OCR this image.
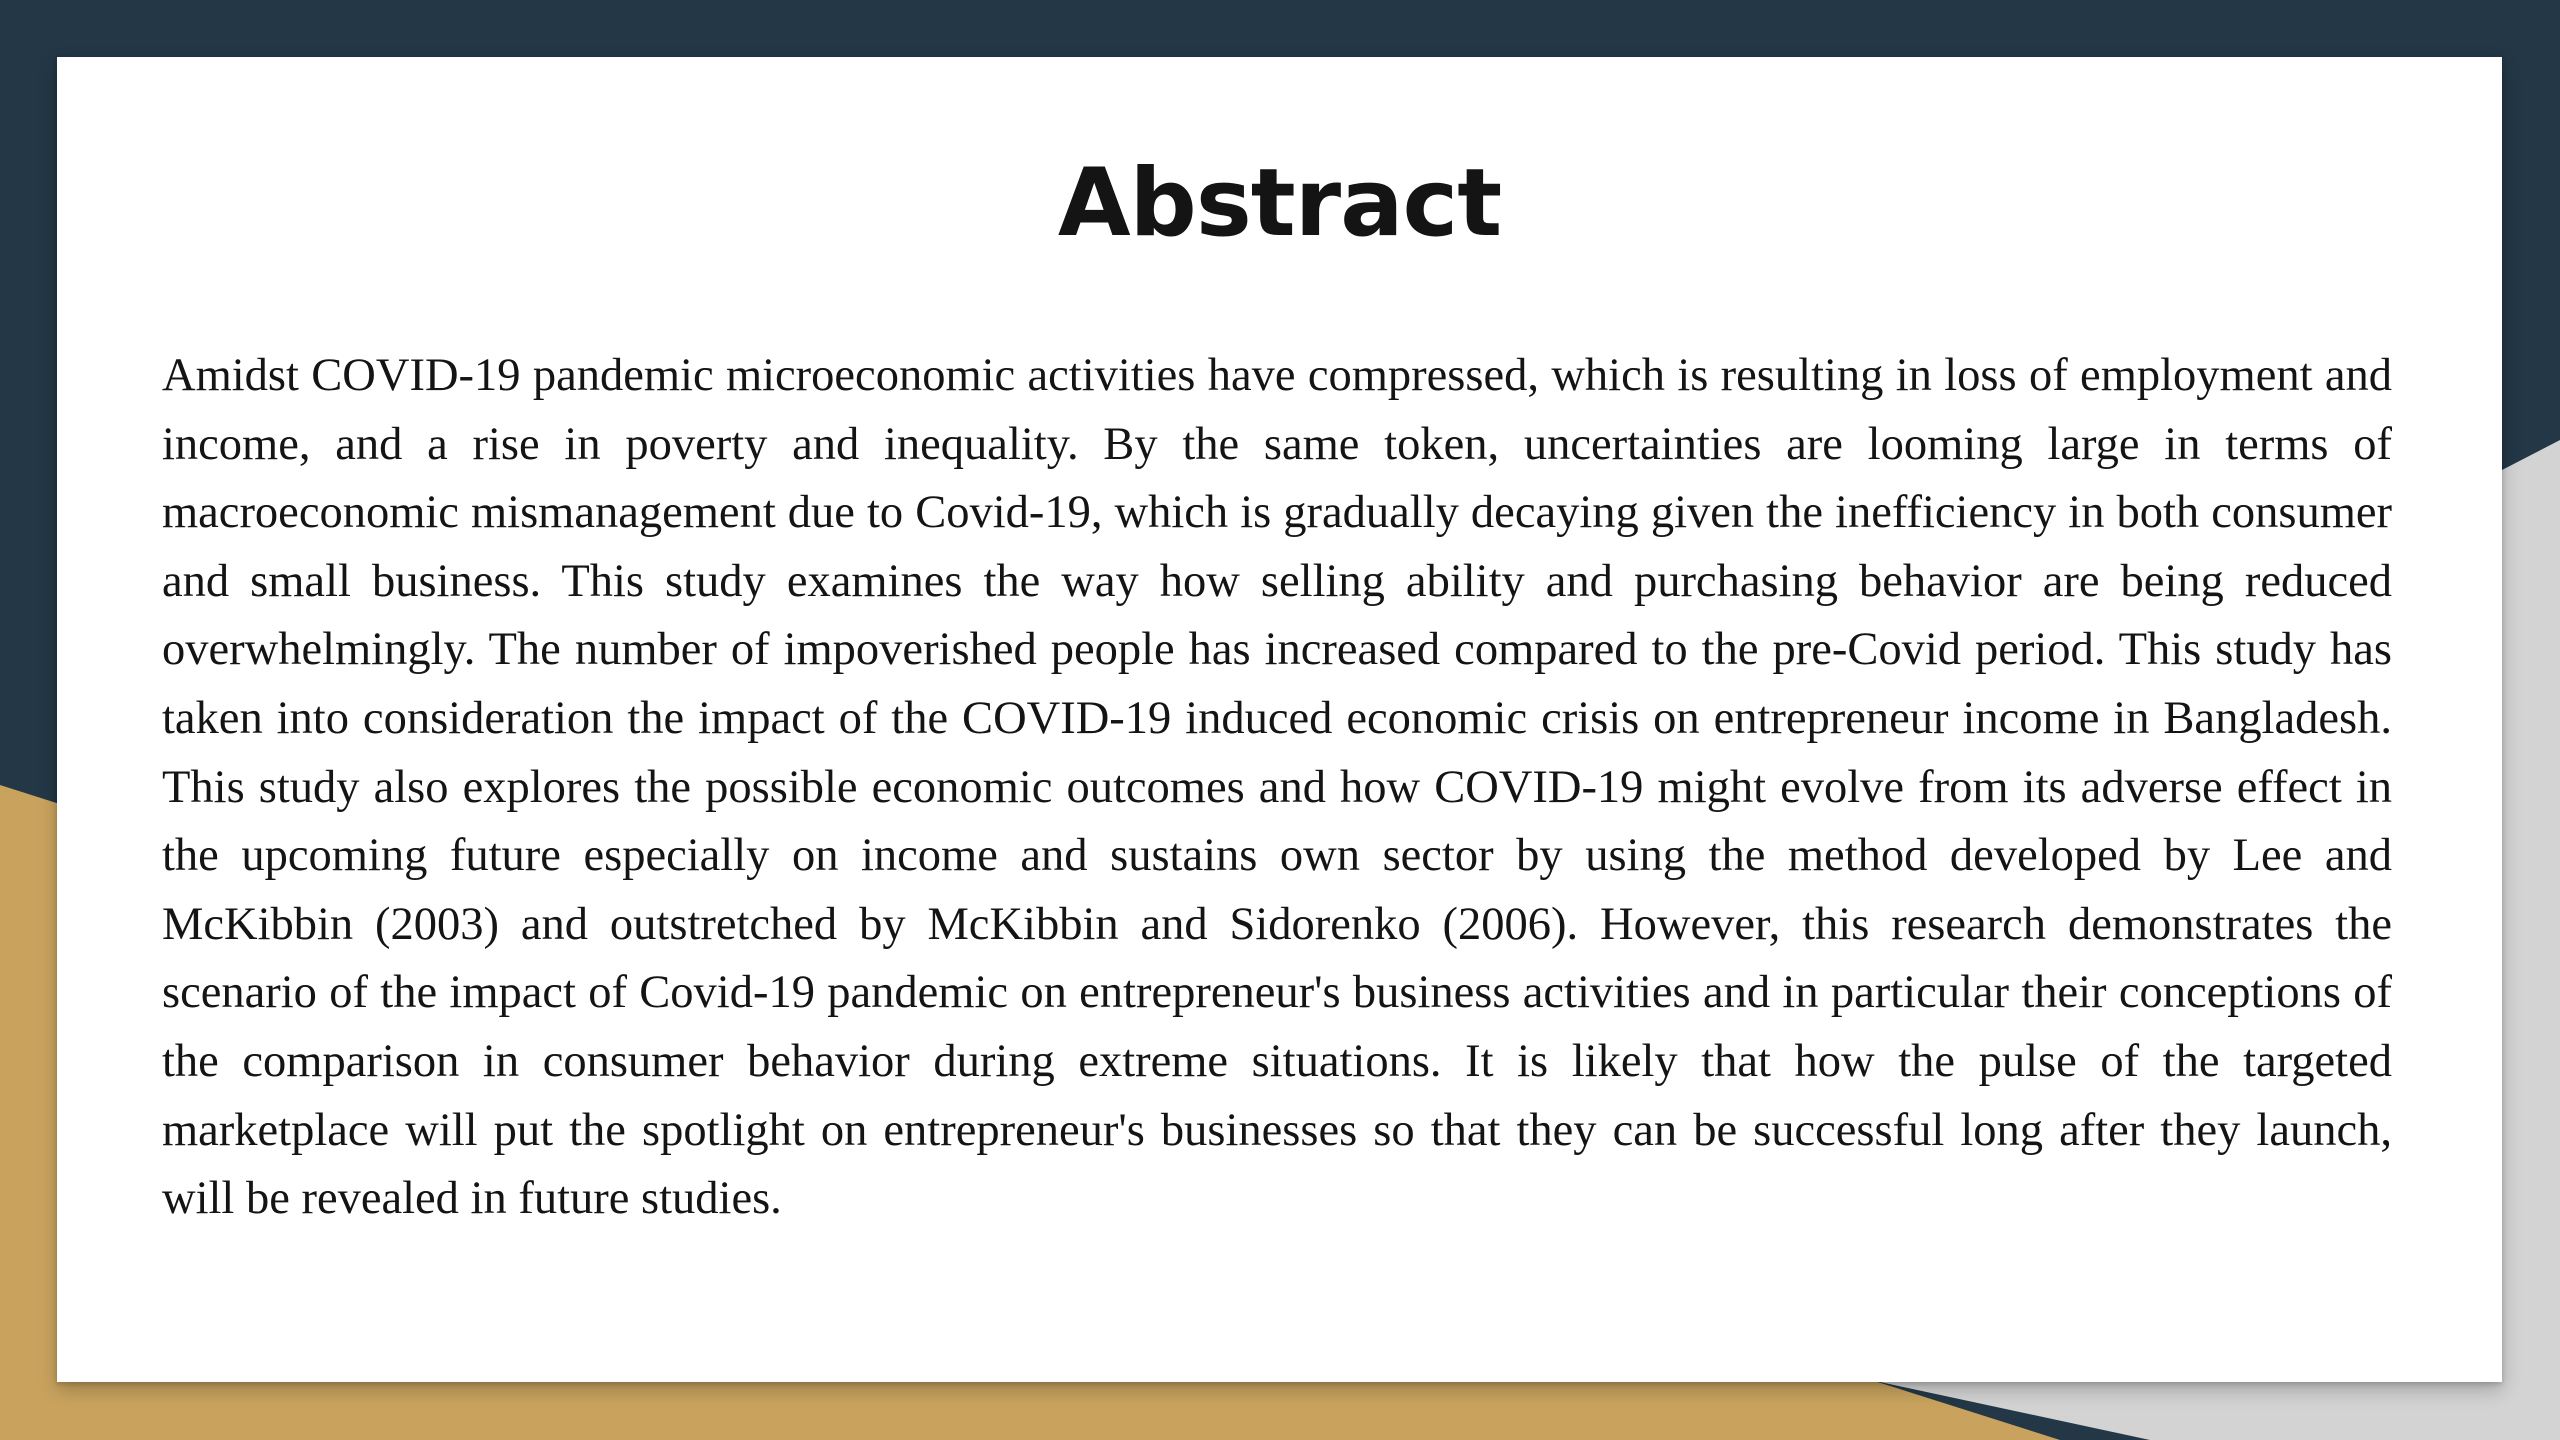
Abstract

Amidst COVID-19 pandemic microeconomic activities have compressed, which is resulting in loss of employment and income, and a rise in poverty and inequality. By the same token, uncertainties are looming large in terms of macroeconomic mismanagement due to Covid-19, which is gradually decaying given the inefficiency in both consumer and small business. This study examines the way how selling ability and purchasing behavior are being reduced overwhelmingly. The number of impoverished people has increased compared to the pre-Covid period. This study has taken into consideration the impact of the COVID-19 induced economic crisis on entrepreneur income in Bangladesh. This study also explores the possible economic outcomes and how COVID-19 might evolve from its adverse effect in the upcoming future especially on income and sustains own sector by using the method developed by Lee and McKibbin (2003) and outstretched by McKibbin and Sidorenko (2006). However, this research demonstrates the scenario of the impact of Covid-19 pandemic on entrepreneur's business activities and in particular their conceptions of the comparison in consumer behavior during extreme situations. It is likely that how the pulse of the targeted marketplace will put the spotlight on entrepreneur's businesses so that they can be successful long after they launch, will be revealed in future studies.
